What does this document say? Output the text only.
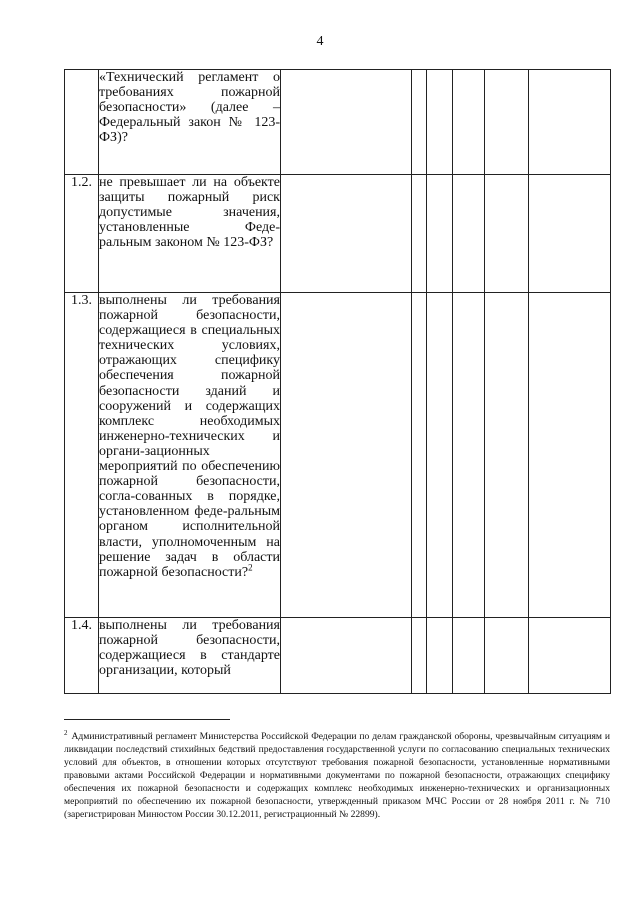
4
	«Технический регламент о требованиях пожарной безопасности» (далее – Федеральный закон № 123-ФЗ)?						
1.2.	не превышает ли на объекте защиты пожарный риск допустимые значения, установленные Феде-ральным законом № 123-ФЗ?						
1.3.	выполнены ли требования пожарной безопасности, содержащиеся в специальных технических условиях, отражающих специфику обеспечения пожарной безопасности зданий и сооружений и содержащих комплекс необходимых инженерно-технических и органи-зационных мероприятий по обеспечению пожарной безопасности, согла-сованных в порядке, установленном феде-ральным органом исполнительной власти, уполномоченным на решение задач в области пожарной безопасности?$^2$						
1.4.	выполнены ли требования пожарной безопасности, содержащиеся в стандарте организации, который						
$^2$ Административный регламент Министерства Российской Федерации по делам гражданской обороны, чрезвычайным ситуациям и ликвидации последствий стихийных бедствий предоставления государственной услуги по согласованию специальных технических условий для объектов, в отношении которых отсутствуют требования пожарной безопасности, установленные нормативными правовыми актами Российской Федерации и нормативными документами по пожарной безопасности, отражающих специфику обеспечения их пожарной безопасности и содержащих комплекс необходимых инженерно-технических и организационных мероприятий по обеспечению их пожарной безопасности, утвержденный приказом МЧС России от 28 ноября 2011 г. № 710 (зарегистрирован Минюстом России 30.12.2011, регистрационный № 22899).
